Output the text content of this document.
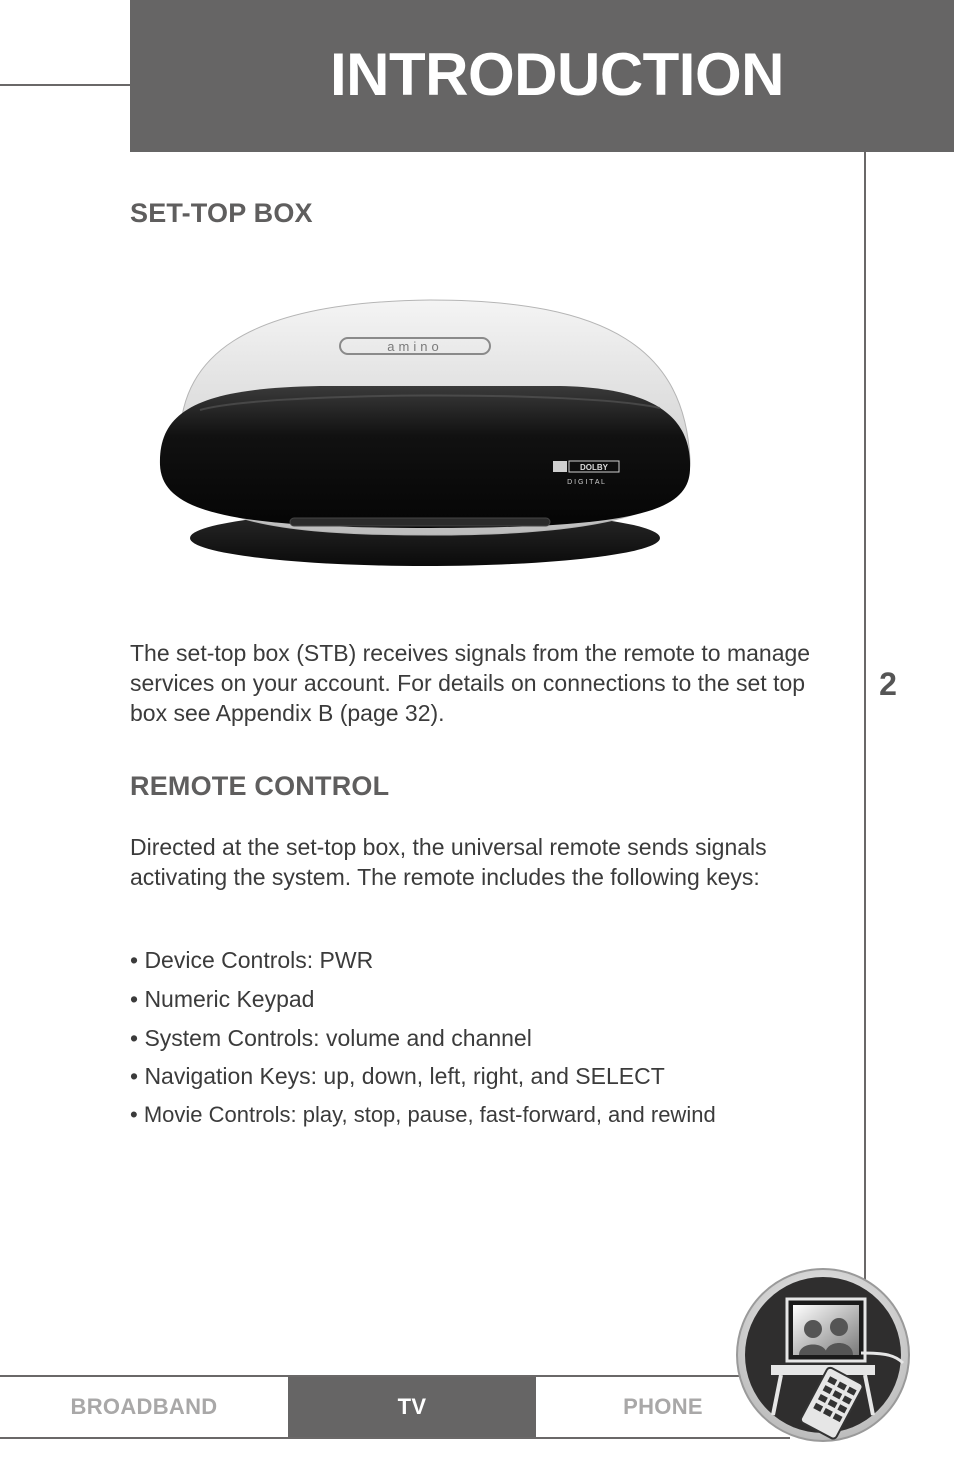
INTRODUCTION
2
SET-TOP BOX
amino
DOLBY
D I G I T A L

The set-top box (STB) receives signals from the remote to manage services on your account. For details on connections to the set top box see Appendix B (page 32).

REMOTE CONTROL

Directed at the set-top box, the universal remote sends signals activating the system. The remote includes the following keys:

• Device Controls: PWR
• Numeric Keypad
• System Controls: volume and channel
• Navigation Keys: up, down, left, right, and SELECT
• Movie Controls: play, stop, pause, fast-forward, and rewind
BROADBAND	TV	PHONE
